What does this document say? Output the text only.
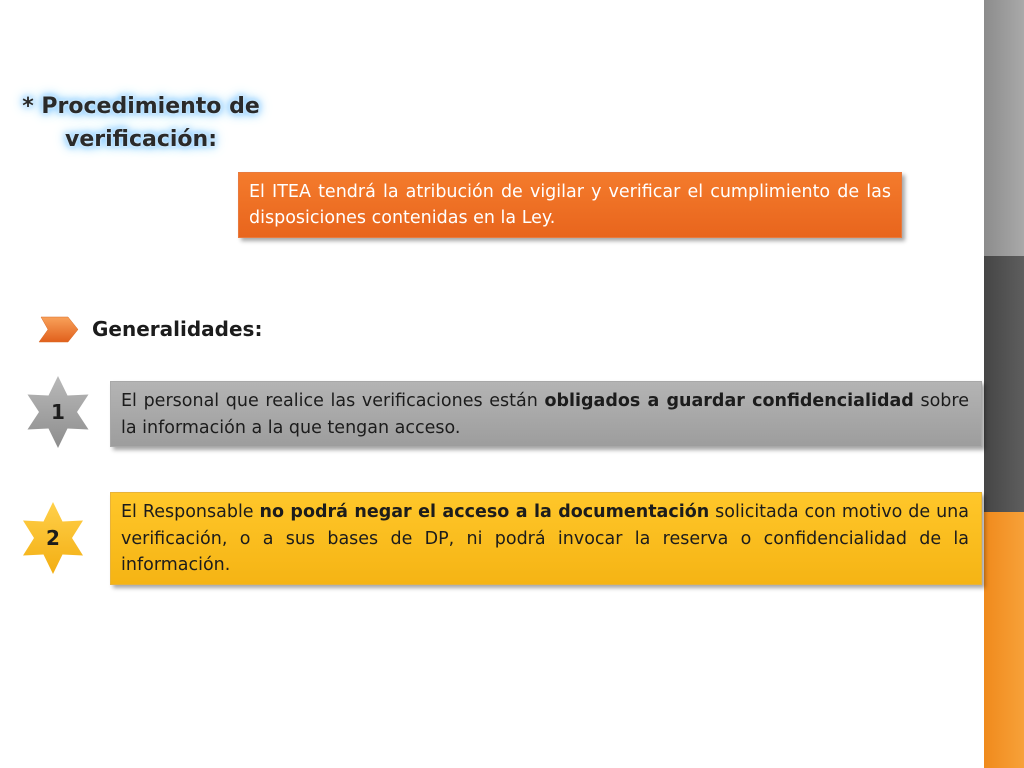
* Procedimiento de verificación:
El ITEA tendrá la atribución de vigilar y verificar el cumplimiento de las disposiciones contenidas en la Ley.
Generalidades:
1	El personal que realice las verificaciones están obligados a guardar confidencialidad sobre la información a la que tengan acceso.
2
El Responsable no podrá negar el acceso a la documentación solicitada con motivo de una verificación, o a sus bases de DP, ni podrá invocar la reserva o confidencialidad de la información.
